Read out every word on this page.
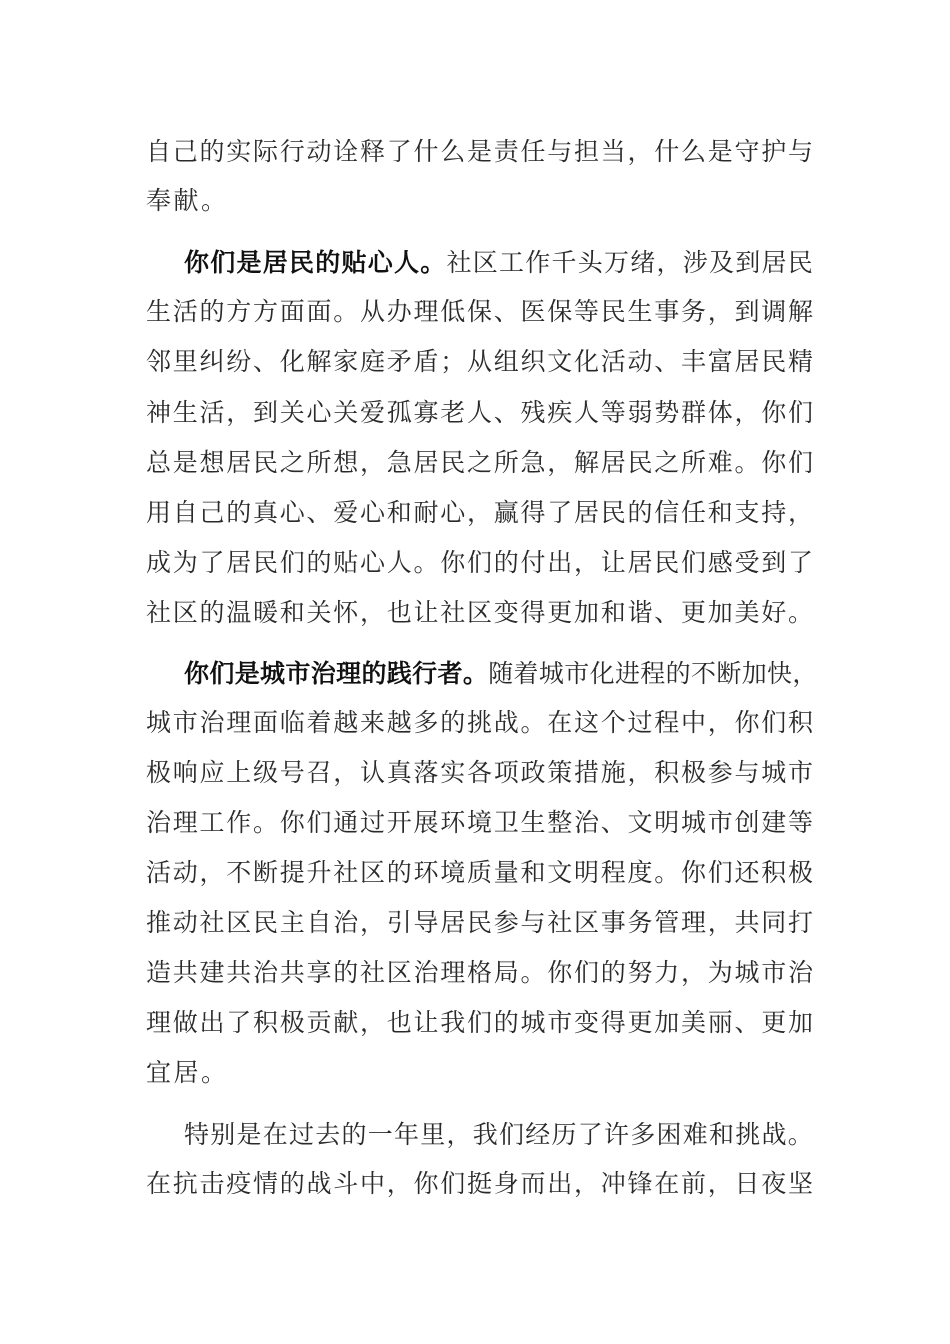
自己的实际行动诠释了什么是责任与担当，什么是守护与
奉献。
你们是居民的贴心人。社区工作千头万绪，涉及到居民
生活的方方面面。从办理低保、医保等民生事务，到调解
邻里纠纷、化解家庭矛盾；从组织文化活动、丰富居民精
神生活，到关心关爱孤寡老人、残疾人等弱势群体，你们
总是想居民之所想，急居民之所急，解居民之所难。你们
用自己的真心、爱心和耐心，赢得了居民的信任和支持，
成为了居民们的贴心人。你们的付出，让居民们感受到了
社区的温暖和关怀，也让社区变得更加和谐、更加美好。
你们是城市治理的践行者。随着城市化进程的不断加快，
城市治理面临着越来越多的挑战。在这个过程中，你们积
极响应上级号召，认真落实各项政策措施，积极参与城市
治理工作。你们通过开展环境卫生整治、文明城市创建等
活动，不断提升社区的环境质量和文明程度。你们还积极
推动社区民主自治，引导居民参与社区事务管理，共同打
造共建共治共享的社区治理格局。你们的努力，为城市治
理做出了积极贡献，也让我们的城市变得更加美丽、更加
宜居。
特别是在过去的一年里，我们经历了许多困难和挑战。
在抗击疫情的战斗中，你们挺身而出，冲锋在前，日夜坚
